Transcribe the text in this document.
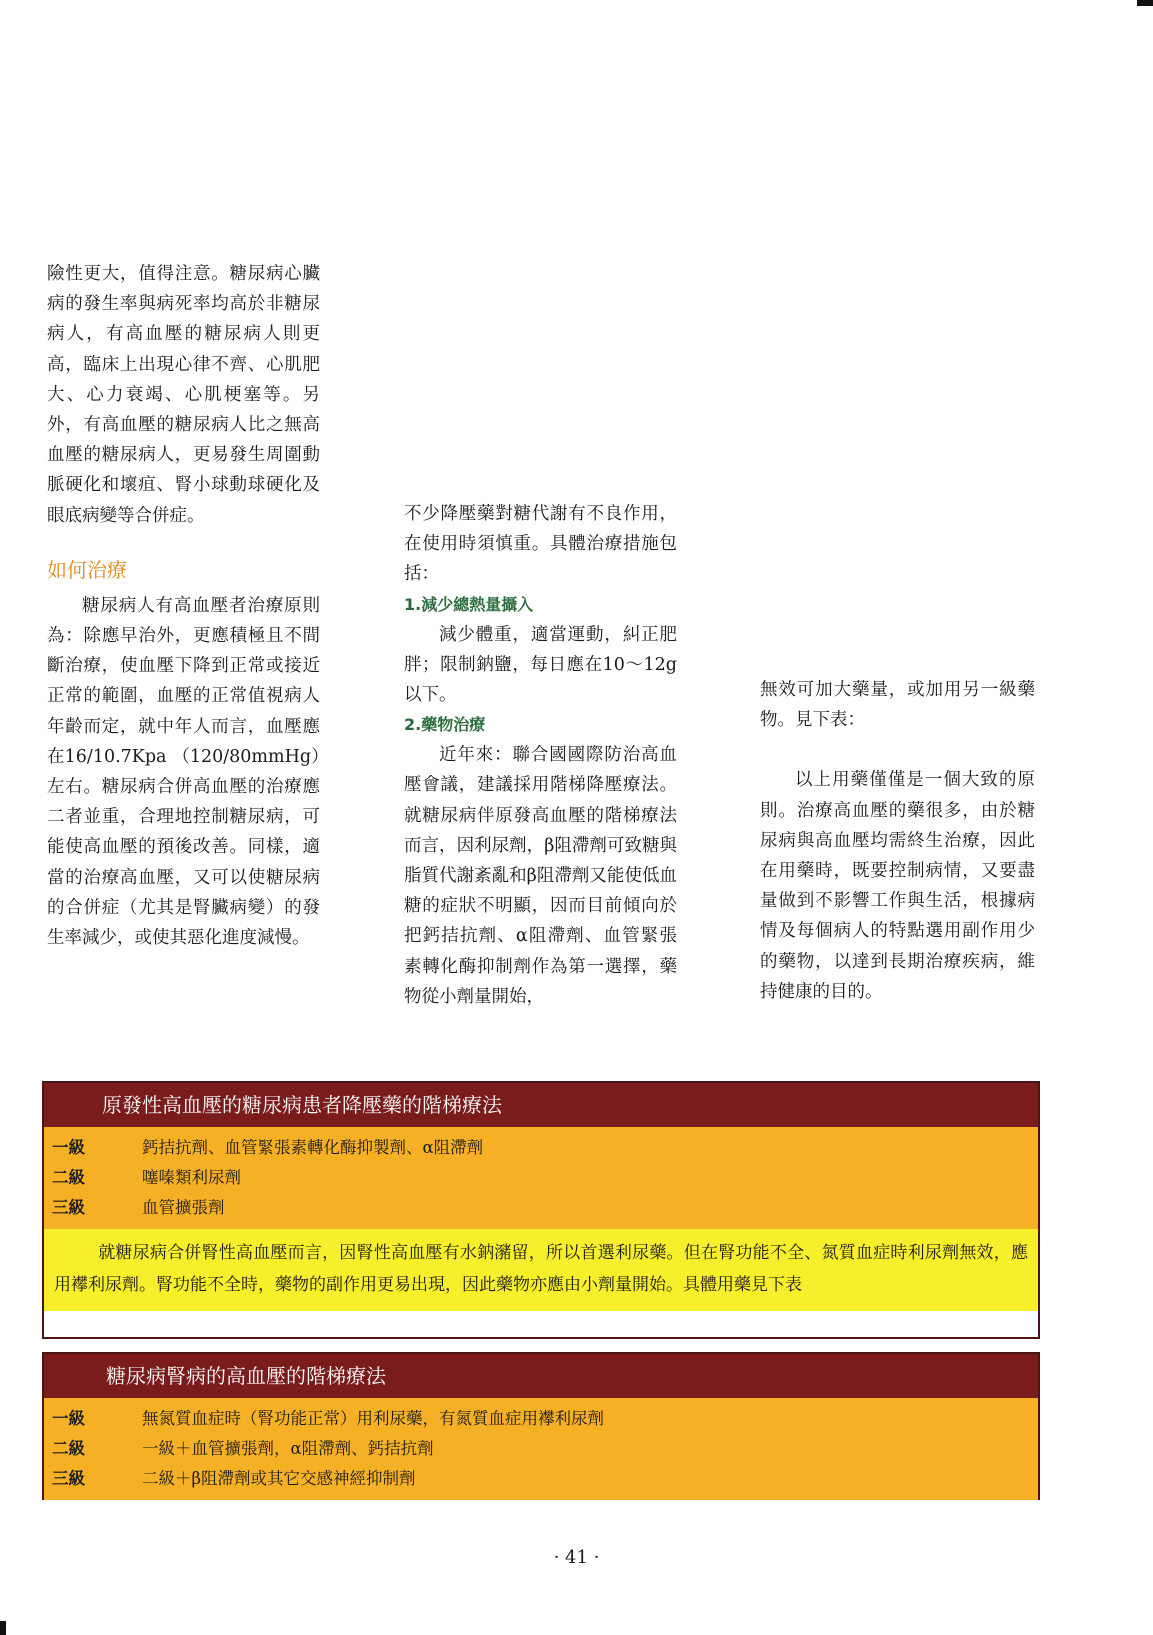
險性更大，值得注意。糖尿病心臟病的發生率與病死率均高於非糖尿病人，有高血壓的糖尿病人則更高，臨床上出現心律不齊、心肌肥大、心力衰竭、心肌梗塞等。另外，有高血壓的糖尿病人比之無高血壓的糖尿病人，更易發生周圍動脈硬化和壞疽、腎小球動球硬化及眼底病變等合併症。

如何治療

糖尿病人有高血壓者治療原則為：除應早治外，更應積極且不間斷治療，使血壓下降到正常或接近正常的範圍，血壓的正常值視病人年齡而定，就中年人而言，血壓應在16/10.7Kpa （120/80mmHg）左右。糖尿病合併高血壓的治療應二者並重，合理地控制糖尿病，可能使高血壓的預後改善。同樣，適當的治療高血壓，又可以使糖尿病的合併症（尤其是腎臟病變）的發生率減少，或使其惡化進度減慢。

不少降壓藥對糖代謝有不良作用，在使用時須慎重。具體治療措施包括：

1.減少總熱量攝入

減少體重，適當運動，糾正肥胖；限制鈉鹽，每日應在10～12g以下。

2.藥物治療

近年來：聯合國國際防治高血壓會議，建議採用階梯降壓療法。就糖尿病伴原發高血壓的階梯療法而言，因利尿劑，β阻滯劑可致糖與脂質代謝紊亂和β阻滯劑又能使低血糖的症狀不明顯，因而目前傾向於把鈣拮抗劑、α阻滯劑、血管緊張素轉化酶抑制劑作為第一選擇，藥物從小劑量開始，

無效可加大藥量，或加用另一級藥物。見下表：

以上用藥僅僅是一個大致的原則。治療高血壓的藥很多，由於糖尿病與高血壓均需終生治療，因此在用藥時，既要控制病情，又要盡量做到不影響工作與生活，根據病情及每個病人的特點選用副作用少的藥物，以達到長期治療疾病，維持健康的目的。

原發性高血壓的糖尿病患者降壓藥的階梯療法
一級	鈣拮抗劑、血管緊張素轉化酶抑製劑、α阻滯劑
二級	噻嗪類利尿劑
三級	血管擴張劑
就糖尿病合併腎性高血壓而言，因腎性高血壓有水鈉瀦留，所以首選利尿藥。但在腎功能不全、氮質血症時利尿劑無效，應用襻利尿劑。腎功能不全時，藥物的副作用更易出現，因此藥物亦應由小劑量開始。具體用藥見下表
糖尿病腎病的高血壓的階梯療法
一級	無氮質血症時（腎功能正常）用利尿藥，有氮質血症用襻利尿劑
二級	一級＋血管擴張劑，α阻滯劑、鈣拮抗劑
三級	二級＋β阻滯劑或其它交感神經抑制劑
· 41 ·
